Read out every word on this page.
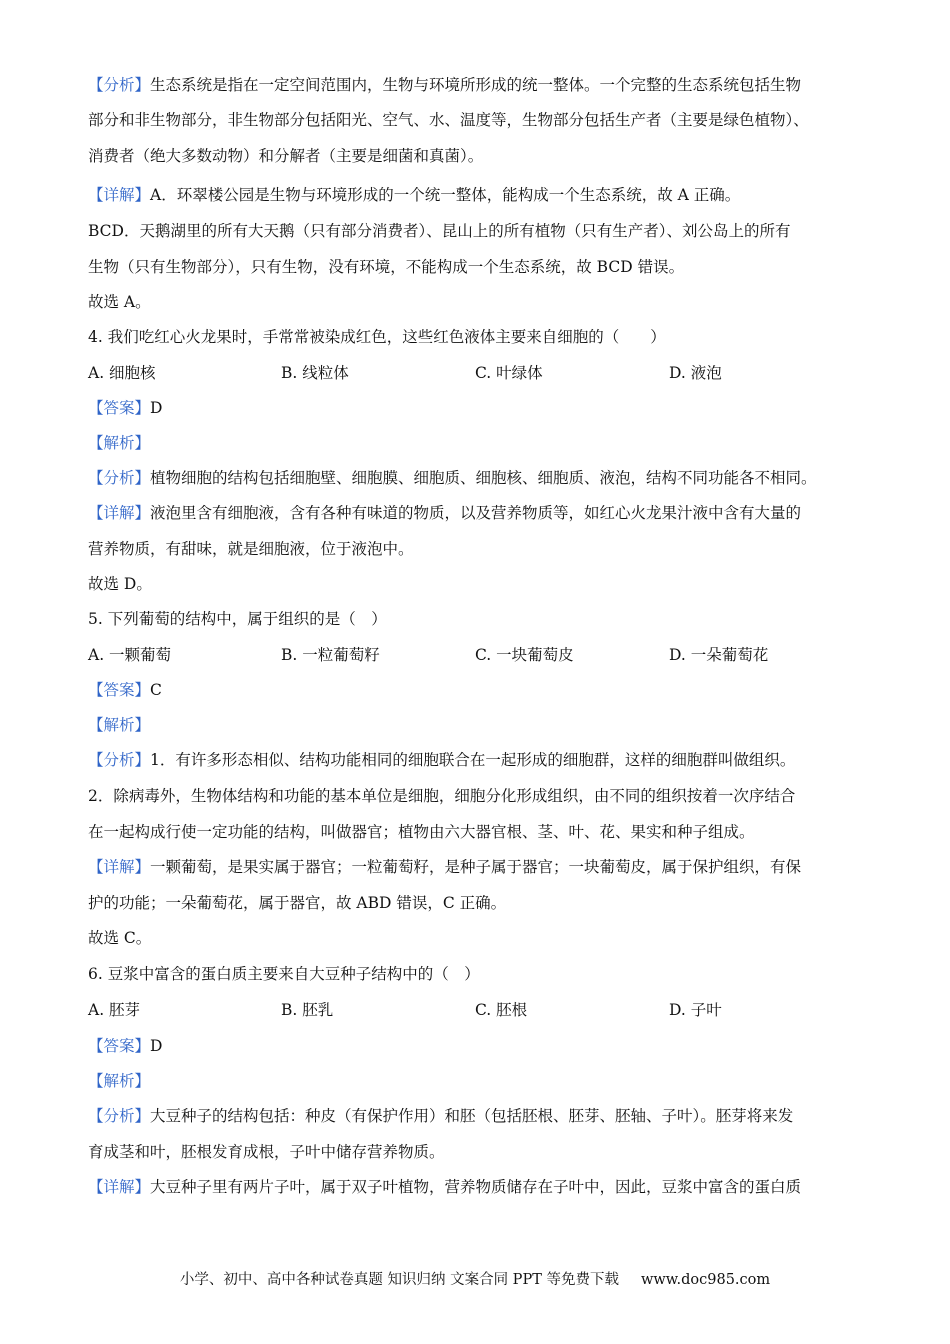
【分析】生态系统是指在一定空间范围内，生物与环境所形成的统一整体。一个完整的生态系统包括生物
部分和非生物部分，非生物部分包括阳光、空气、水、温度等，生物部分包括生产者（主要是绿色植物）、
消费者（绝大多数动物）和分解者（主要是细菌和真菌）。
【详解】A．环翠楼公园是生物与环境形成的一个统一整体，能构成一个生态系统，故 A 正确。
BCD．天鹅湖里的所有大天鹅（只有部分消费者）、昆山上的所有植物（只有生产者）、刘公岛上的所有
生物（只有生物部分），只有生物，没有环境，不能构成一个生态系统，故 BCD 错误。
故选 A。
4. 我们吃红心火龙果时，手常常被染成红色，这些红色液体主要来自细胞的（　　）
A. 细胞核	B. 线粒体	C. 叶绿体	D. 液泡
【答案】D
【解析】
【分析】植物细胞的结构包括细胞壁、细胞膜、细胞质、细胞核、细胞质、液泡，结构不同功能各不相同。
【详解】液泡里含有细胞液，含有各种有味道的物质，以及营养物质等，如红心火龙果汁液中含有大量的
营养物质，有甜味，就是细胞液，位于液泡中。
故选 D。
5. 下列葡萄的结构中，属于组织的是（　）
A. 一颗葡萄	B. 一粒葡萄籽	C. 一块葡萄皮	D. 一朵葡萄花
【答案】C
【解析】
【分析】1．有许多形态相似、结构功能相同的细胞联合在一起形成的细胞群，这样的细胞群叫做组织。
2．除病毒外，生物体结构和功能的基本单位是细胞，细胞分化形成组织，由不同的组织按着一次序结合
在一起构成行使一定功能的结构，叫做器官；植物由六大器官根、茎、叶、花、果实和种子组成。
【详解】一颗葡萄，是果实属于器官；一粒葡萄籽，是种子属于器官；一块葡萄皮，属于保护组织，有保
护的功能；一朵葡萄花，属于器官，故 ABD 错误，C 正确。
故选 C。
6. 豆浆中富含的蛋白质主要来自大豆种子结构中的（　）
A. 胚芽	B. 胚乳	C. 胚根	D. 子叶
【答案】D
【解析】
【分析】大豆种子的结构包括：种皮（有保护作用）和胚（包括胚根、胚芽、胚轴、子叶）。胚芽将来发
育成茎和叶，胚根发育成根，子叶中储存营养物质。
【详解】大豆种子里有两片子叶，属于双子叶植物，营养物质储存在子叶中，因此，豆浆中富含的蛋白质
小学、初中、高中各种试卷真题 知识归纳 文案合同 PPT 等免费下载 www.doc985.com
